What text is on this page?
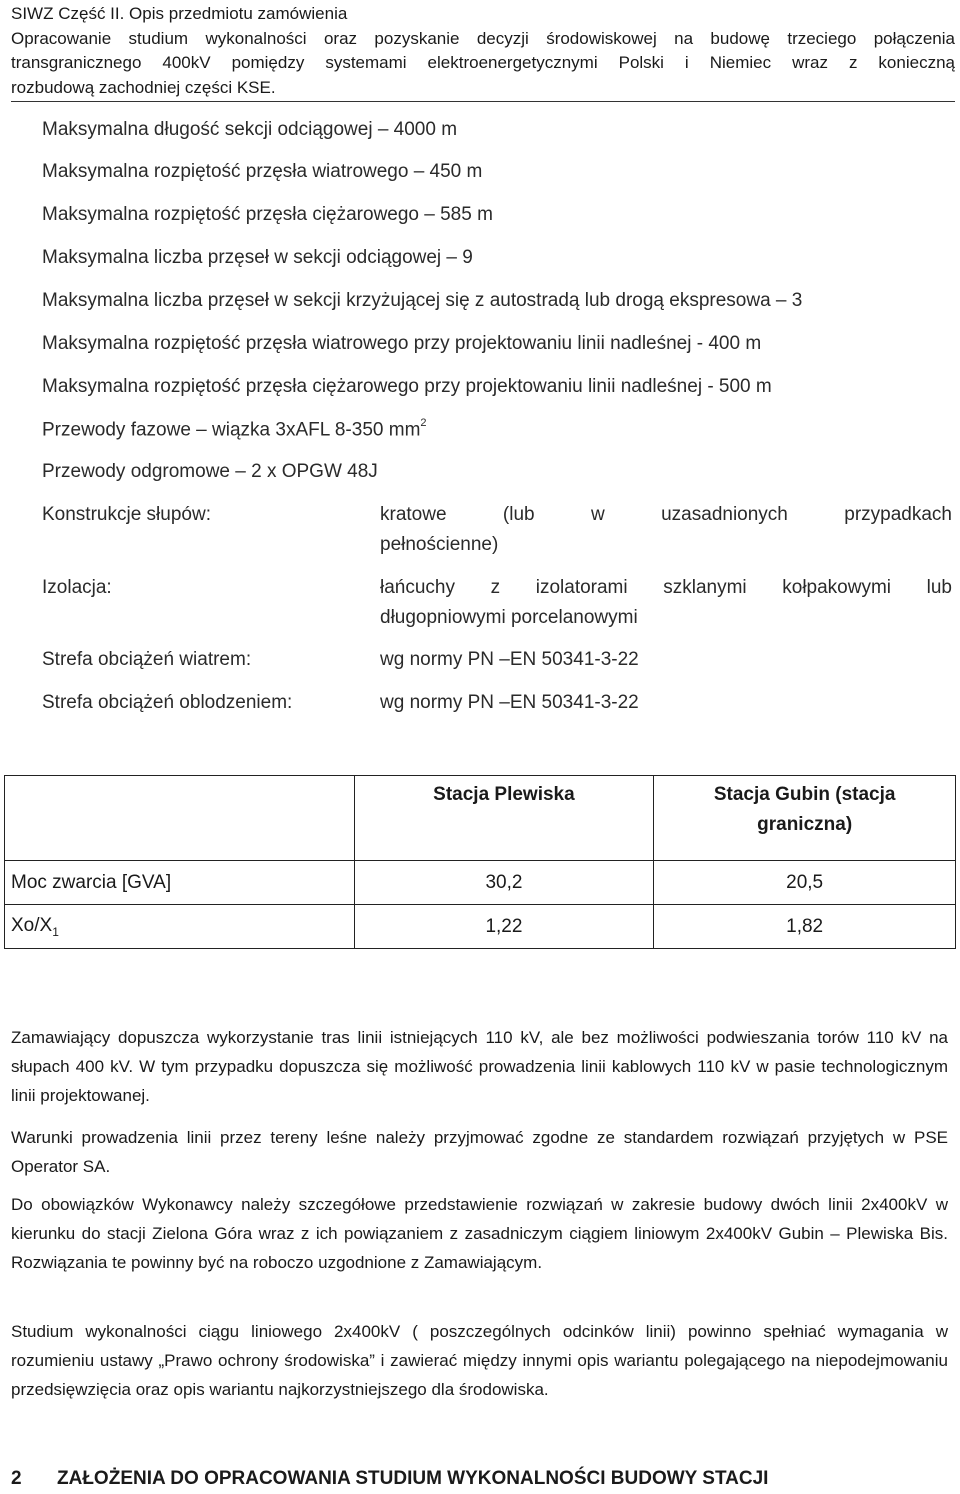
SIWZ Część II. Opis przedmiotu zamówienia
Opracowanie studium wykonalności oraz pozyskanie decyzji środowiskowej na budowę trzeciego połączenia
transgranicznego 400kV pomiędzy systemami elektroenergetycznymi Polski i Niemiec wraz z konieczną
rozbudową zachodniej części KSE.
Maksymalna długość sekcji odciągowej – 4000 m
Maksymalna rozpiętość przęsła wiatrowego – 450 m
Maksymalna rozpiętość przęsła ciężarowego – 585 m
Maksymalna liczba przęseł w sekcji odciągowej – 9
Maksymalna liczba przęseł w sekcji krzyżującej się z autostradą lub drogą ekspresowa – 3
Maksymalna rozpiętość przęsła wiatrowego przy projektowaniu linii nadleśnej - 400 m
Maksymalna rozpiętość przęsła ciężarowego przy projektowaniu linii nadleśnej - 500 m
Przewody fazowe – wiązka 3xAFL 8-350 $mm^2$
Przewody odgromowe – 2 x OPGW 48J
Konstrukcje słupów:	kratowe (lub w uzasadnionych przypadkach
pełnościenne)
Izolacja:	łańcuchy z izolatorami szklanymi kołpakowymi lub
długopniowymi porcelanowymi
Strefa obciążeń wiatrem:	wg normy PN –EN 50341-3-22
Strefa obciążeń oblodzeniem:	wg normy PN –EN 50341-3-22
	Stacja Plewiska	Stacja Gubin (stacja
graniczna)

Moc zwarcia [GVA]	30,2	20,5
$Xo/X_1$	1,22	1,82
Zamawiający dopuszcza wykorzystanie tras linii istniejących 110 kV, ale bez możliwości podwieszania torów 110 kV na słupach 400 kV. W tym przypadku dopuszcza się możliwość prowadzenia linii kablowych 110 kV w pasie technologicznym linii projektowanej.
Warunki prowadzenia linii przez tereny leśne należy przyjmować zgodne ze standardem rozwiązań przyjętych w PSE Operator SA.
Do obowiązków Wykonawcy należy szczegółowe przedstawienie rozwiązań w zakresie budowy dwóch linii 2x400kV w kierunku do stacji Zielona Góra wraz z ich powiązaniem z zasadniczym ciągiem liniowym 2x400kV Gubin – Plewiska Bis. Rozwiązania te powinny być na roboczo uzgodnione z Zamawiającym.
Studium wykonalności ciągu liniowego 2x400kV ( poszczególnych odcinków linii) powinno spełniać wymagania w rozumieniu ustawy „Prawo ochrony środowiska” i zawierać między innymi opis wariantu polegającego na niepodejmowaniu przedsięwzięcia oraz opis wariantu najkorzystniejszego dla środowiska.
2 ZAŁOŻENIA DO OPRACOWANIA STUDIUM WYKONALNOŚCI BUDOWY STACJI
